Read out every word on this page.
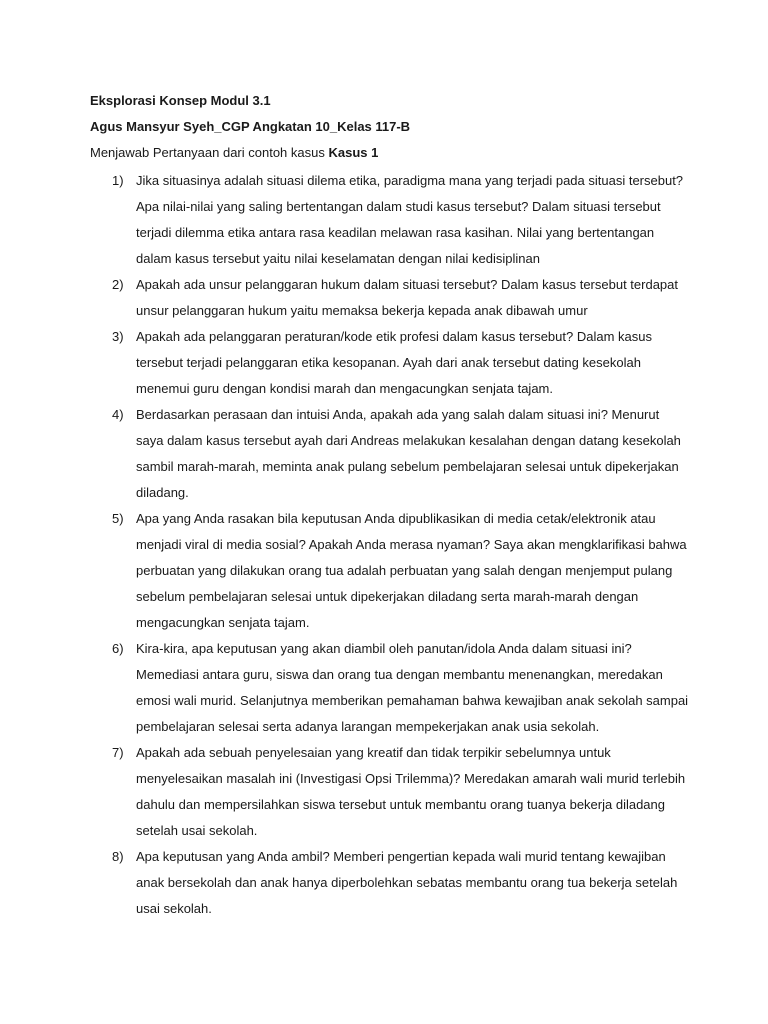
Eksplorasi Konsep Modul 3.1
Agus Mansyur Syeh_CGP Angkatan 10_Kelas 117-B
Menjawab Pertanyaan dari contoh kasus Kasus 1
1) Jika situasinya adalah situasi dilema etika, paradigma mana yang terjadi pada situasi tersebut? Apa nilai-nilai yang saling bertentangan dalam studi kasus tersebut? Dalam situasi tersebut terjadi dilemma etika antara rasa keadilan melawan rasa kasihan. Nilai yang bertentangan dalam kasus tersebut yaitu nilai keselamatan dengan nilai kedisiplinan
2) Apakah ada unsur pelanggaran hukum dalam situasi tersebut? Dalam kasus tersebut terdapat unsur pelanggaran hukum yaitu memaksa bekerja kepada anak dibawah umur
3) Apakah ada pelanggaran peraturan/kode etik profesi dalam kasus tersebut? Dalam kasus tersebut terjadi pelanggaran etika kesopanan. Ayah dari anak tersebut dating kesekolah menemui guru dengan kondisi marah dan mengacungkan senjata tajam.
4) Berdasarkan perasaan dan intuisi Anda, apakah ada yang salah dalam situasi ini? Menurut saya dalam kasus tersebut ayah dari Andreas melakukan kesalahan dengan datang kesekolah sambil marah-marah, meminta anak pulang sebelum pembelajaran selesai untuk dipekerjakan diladang.
5) Apa yang Anda rasakan bila keputusan Anda dipublikasikan di media cetak/elektronik atau menjadi viral di media sosial? Apakah Anda merasa nyaman? Saya akan mengklarifikasi bahwa perbuatan yang dilakukan orang tua adalah perbuatan yang salah dengan menjemput pulang sebelum pembelajaran selesai untuk dipekerjakan diladang serta marah-marah dengan mengacungkan senjata tajam.
6) Kira-kira, apa keputusan yang akan diambil oleh panutan/idola Anda dalam situasi ini? Memediasi antara guru, siswa dan orang tua dengan membantu menenangkan, meredakan emosi wali murid. Selanjutnya memberikan pemahaman bahwa kewajiban anak sekolah sampai pembelajaran selesai serta adanya larangan mempekerjakan anak usia sekolah.
7) Apakah ada sebuah penyelesaian yang kreatif dan tidak terpikir sebelumnya untuk menyelesaikan masalah ini (Investigasi Opsi Trilemma)? Meredakan amarah wali murid terlebih dahulu dan mempersilahkan siswa tersebut untuk membantu orang tuanya bekerja diladang setelah usai sekolah.
8) Apa keputusan yang Anda ambil? Memberi pengertian kepada wali murid tentang kewajiban anak bersekolah dan anak hanya diperbolehkan sebatas membantu orang tua bekerja setelah usai sekolah.
